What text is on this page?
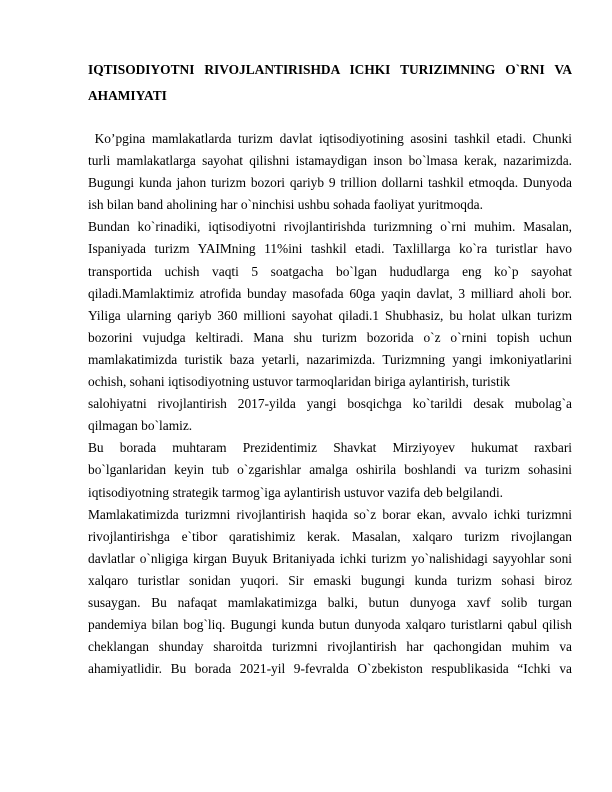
IQTISODIYOTNI RIVOJLANTIRISHDA ICHKI TURIZIMNING O`RNI VA AHAMIYATI
Ko’pgina mamlakatlarda turizm davlat iqtisodiyotining asosini tashkil etadi. Chunki
turli mamlakatlarga sayohat qilishni istamaydigan inson bo`lmasa kerak, nazarimizda.
Bugungi kunda jahon turizm bozori qariyb 9 trillion dollarni tashkil etmoqda. Dunyoda
ish bilan band aholining har o`ninchisi ushbu sohada faoliyat yuritmoqda.
Bundan ko`rinadiki, iqtisodiyotni rivojlantirishda turizmning o`rni muhim. Masalan,
Ispaniyada turizm YAIMning 11%ini tashkil etadi. Taxlillarga ko`ra turistlar havo
transportida uchish vaqti 5 soatgacha bo`lgan hududlarga eng ko`p sayohat
qiladi.Mamlaktimiz atrofida bunday masofada 60ga yaqin davlat, 3 milliard aholi bor.
Yiliga ularning qariyb 360 millioni sayohat qiladi.1 Shubhasiz, bu holat ulkan turizm
bozorini vujudga keltiradi. Mana shu turizm bozorida o`z o`rnini topish uchun
mamlakatimizda turistik baza yetarli, nazarimizda. Turizmning yangi imkoniyatlarini
ochish, sohani iqtisodiyotning ustuvor tarmoqlaridan biriga aylantirish, turistik
salohiyatni rivojlantirish 2017-yilda yangi bosqichga ko`tarildi desak mubolag`a
qilmagan bo`lamiz.
Bu borada muhtaram Prezidentimiz Shavkat Mirziyoyev hukumat raxbari
bo`lganlaridan keyin tub o`zgarishlar amalga oshirila boshlandi va turizm sohasini
iqtisodiyotning strategik tarmog`iga aylantirish ustuvor vazifa deb belgilandi.
Mamlakatimizda turizmni rivojlantirish haqida so`z borar ekan, avvalo ichki turizmni
rivojlantirishga e`tibor qaratishimiz kerak. Masalan, xalqaro turizm rivojlangan
davlatlar o`nligiga kirgan Buyuk Britaniyada ichki turizm yo`nalishidagi sayyohlar soni
xalqaro turistlar sonidan yuqori. Sir emaski bugungi kunda turizm sohasi biroz
susaygan. Bu nafaqat mamlakatimizga balki, butun dunyoga xavf solib turgan
pandemiya bilan bog`liq. Bugungi kunda butun dunyoda xalqaro turistlarni qabul qilish
cheklangan shunday sharoitda turizmni rivojlantirish har qachongidan muhim va
ahamiyatlidir. Bu borada 2021-yil 9-fevralda O`zbekiston respublikasida “Ichki va
